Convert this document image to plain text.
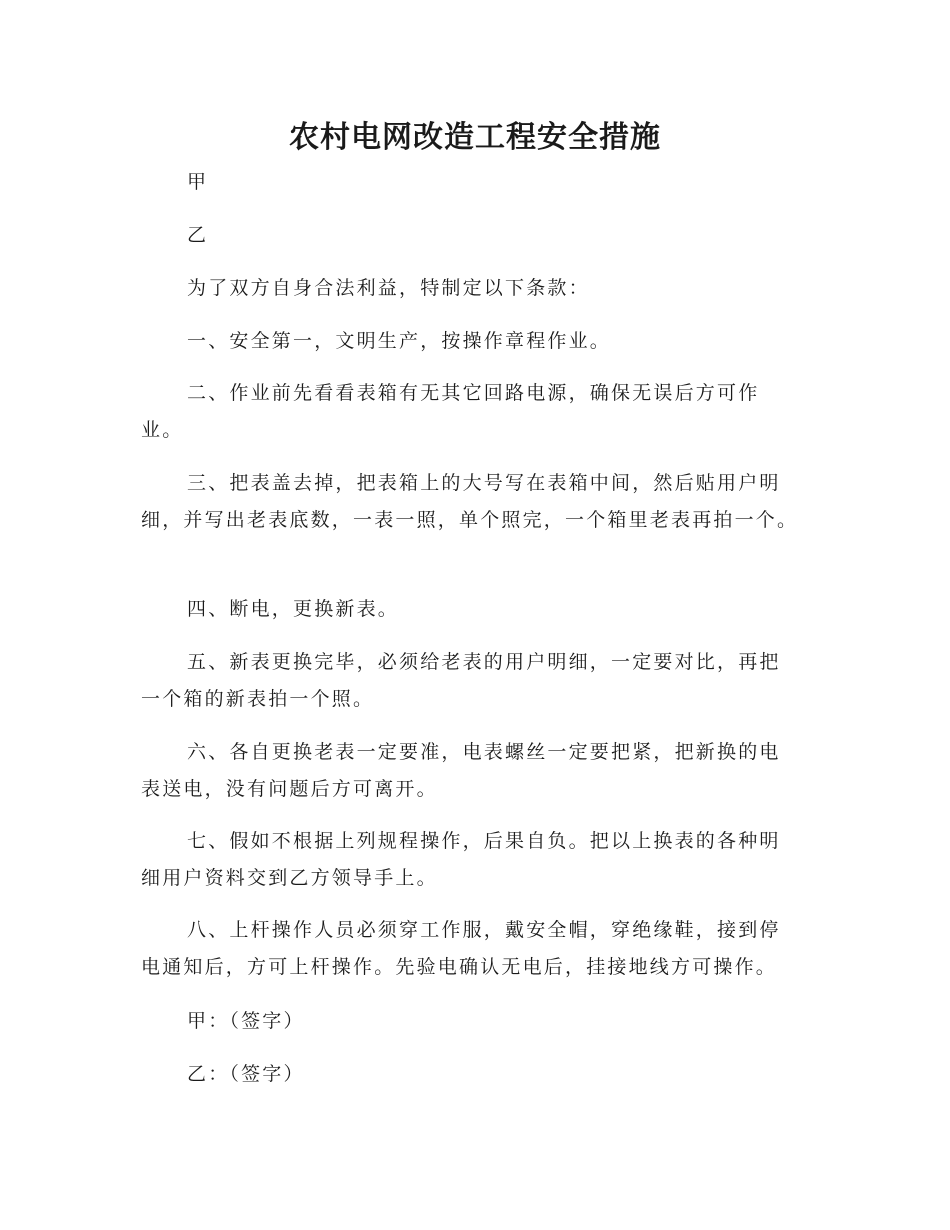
农村电网改造工程安全措施

甲

乙

为了双方自身合法利益，特制定以下条款：

一、安全第一，文明生产，按操作章程作业。

二、作业前先看看表箱有无其它回路电源，确保无误后方可作业。

三、把表盖去掉，把表箱上的大号写在表箱中间，然后贴用户明细，并写出老表底数，一表一照，单个照完，一个箱里老表再拍一个。

四、断电，更换新表。

五、新表更换完毕，必须给老表的用户明细，一定要对比，再把一个箱的新表拍一个照。

六、各自更换老表一定要准，电表螺丝一定要把紧，把新换的电表送电，没有问题后方可离开。

七、假如不根据上列规程操作，后果自负。把以上换表的各种明细用户资料交到乙方领导手上。

八、上杆操作人员必须穿工作服，戴安全帽，穿绝缘鞋，接到停电通知后，方可上杆操作。先验电确认无电后，挂接地线方可操作。

甲：（签字）

乙：（签字）
